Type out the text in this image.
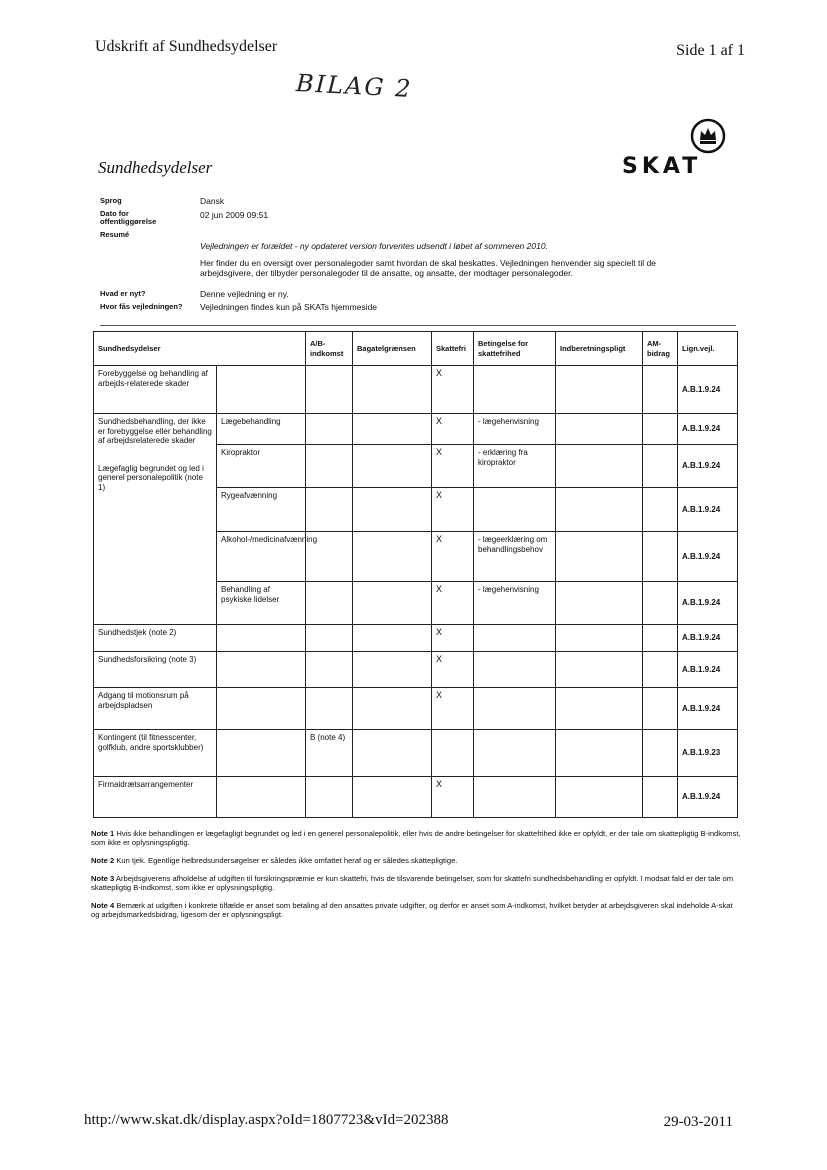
Udskrift af Sundhedsydelser	Side 1 af 1
BILAG 2
Sundhedsydelser	SKAT
Sprog	Dansk
Dato for
offentliggørelse
02 jun 2009 09:51
Resumé
Vejledningen er forældet - ny opdateret version forventes udsendt i løbet af sommeren 2010.
Her finder du en oversigt over personalegoder samt hvordan de skal beskattes. Vejledningen henvender sig specielt til de
arbejdsgivere, der tilbyder personalegoder til de ansatte, og ansatte, der modtager personalegoder.
Hvad er nyt?	Denne vejledning er ny.
Hvor fås vejledningen? Vejledningen findes kun på SKATs hjemmeside
Sundhedsydelser		A/B-indkomst	Bagatelgrænsen	Skattefri	Betingelse for skattefrihed	Indberetningspligt	AM-bidrag	Lign.vejl.
Forebyggelse og behandling af arbejds-relaterede skader				X				A.B.1.9.24

Sundhedsbehandling, der ikke er forebyggelse eller behandling af arbejdsrelaterede skader
Lægefaglig begrundet og led i generel personalepolitik (note 1)	Lægebehandling			X	- lægehenvisning			A.B.1.9.24
	Kiropraktor			X	- erklæring fra kiropraktor			A.B.1.9.24
	Rygeafvænning			X				A.B.1.9.24
	Alkohol-/medicinafvænning			X	- lægeerklæring om behandlingsbehov			A.B.1.9.24
	Behandling af psykiske lidelser			X	- lægehenvisning			A.B.1.9.24
Sundhedstjek (note 2)				X				A.B.1.9.24
Sundhedsforsikring (note 3)				X				A.B.1.9.24
Adgang til motionsrum på arbejdspladsen				X				A.B.1.9.24
Kontingent (til fitnesscenter, golfklub, andre sportsklubber)		B (note 4)						A.B.1.9.23
Firmaidrætsarrangementer				X				A.B.1.9.24

Note 1 Hvis ikke behandlingen er lægefagligt begrundet og led i en generel personalepolitik, eller hvis de andre betingelser for skattefrihed ikke er opfyldt, er der tale om skattepligtig B-indkomst, som ikke er oplysningspligtig.

Note 2 Kun tjek. Egentlige helbredsundersøgelser er således ikke omfattet heraf og er således skattepligtige.

Note 3 Arbejdsgiverens afholdelse af udgiften til forsikringspræmie er kun skattefri, hvis de tilsvarende betingelser, som for skattefri sundhedsbehandling er opfyldt. I modsat fald er der tale om skattepligtig B-indkomst, som ikke er oplysningspligtig.

Note 4 Bemærk at udgiften i konkrete tilfælde er anset som betaling af den ansattes private udgifter, og derfor er anset som A-indkomst, hvilket betyder at arbejdsgiveren skal indeholde A-skat og arbejdsmarkedsbidrag, ligesom der er oplysningspligt.

http://www.skat.dk/display.aspx?oId=1807723&vId=202388	29-03-2011
